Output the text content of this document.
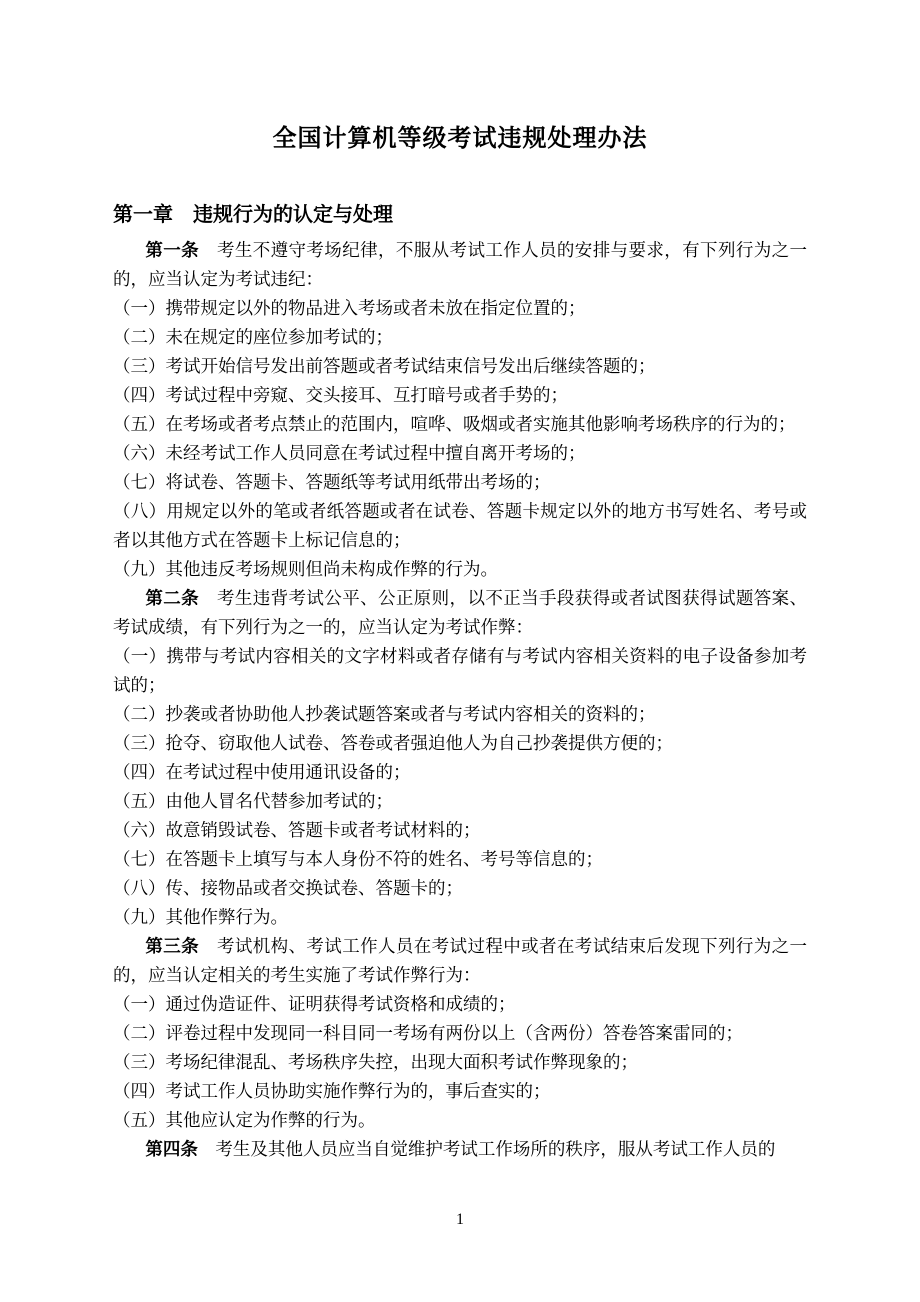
全国计算机等级考试违规处理办法
第一章　违规行为的认定与处理

第一条　考生不遵守考场纪律，不服从考试工作人员的安排与要求，有下列行为之一的，应当认定为考试违纪：

（一）携带规定以外的物品进入考场或者未放在指定位置的；

（二）未在规定的座位参加考试的；

（三）考试开始信号发出前答题或者考试结束信号发出后继续答题的；

（四）考试过程中旁窥、交头接耳、互打暗号或者手势的；

（五）在考场或者考点禁止的范围内，喧哗、吸烟或者实施其他影响考场秩序的行为的；

（六）未经考试工作人员同意在考试过程中擅自离开考场的；

（七）将试卷、答题卡、答题纸等考试用纸带出考场的；

（八）用规定以外的笔或者纸答题或者在试卷、答题卡规定以外的地方书写姓名、考号或者以其他方式在答题卡上标记信息的；

（九）其他违反考场规则但尚未构成作弊的行为。

第二条　考生违背考试公平、公正原则，以不正当手段获得或者试图获得试题答案、考试成绩，有下列行为之一的，应当认定为考试作弊：

（一）携带与考试内容相关的文字材料或者存储有与考试内容相关资料的电子设备参加考试的；

（二）抄袭或者协助他人抄袭试题答案或者与考试内容相关的资料的；

（三）抢夺、窃取他人试卷、答卷或者强迫他人为自己抄袭提供方便的；

（四）在考试过程中使用通讯设备的；

（五）由他人冒名代替参加考试的；

（六）故意销毁试卷、答题卡或者考试材料的；

（七）在答题卡上填写与本人身份不符的姓名、考号等信息的；

（八）传、接物品或者交换试卷、答题卡的；

（九）其他作弊行为。

第三条　考试机构、考试工作人员在考试过程中或者在考试结束后发现下列行为之一的，应当认定相关的考生实施了考试作弊行为：

（一）通过伪造证件、证明获得考试资格和成绩的；

（二）评卷过程中发现同一科目同一考场有两份以上（含两份）答卷答案雷同的；

（三）考场纪律混乱、考场秩序失控，出现大面积考试作弊现象的；

（四）考试工作人员协助实施作弊行为的，事后查实的；

（五）其他应认定为作弊的行为。

第四条　考生及其他人员应当自觉维护考试工作场所的秩序，服从考试工作人员的

1
